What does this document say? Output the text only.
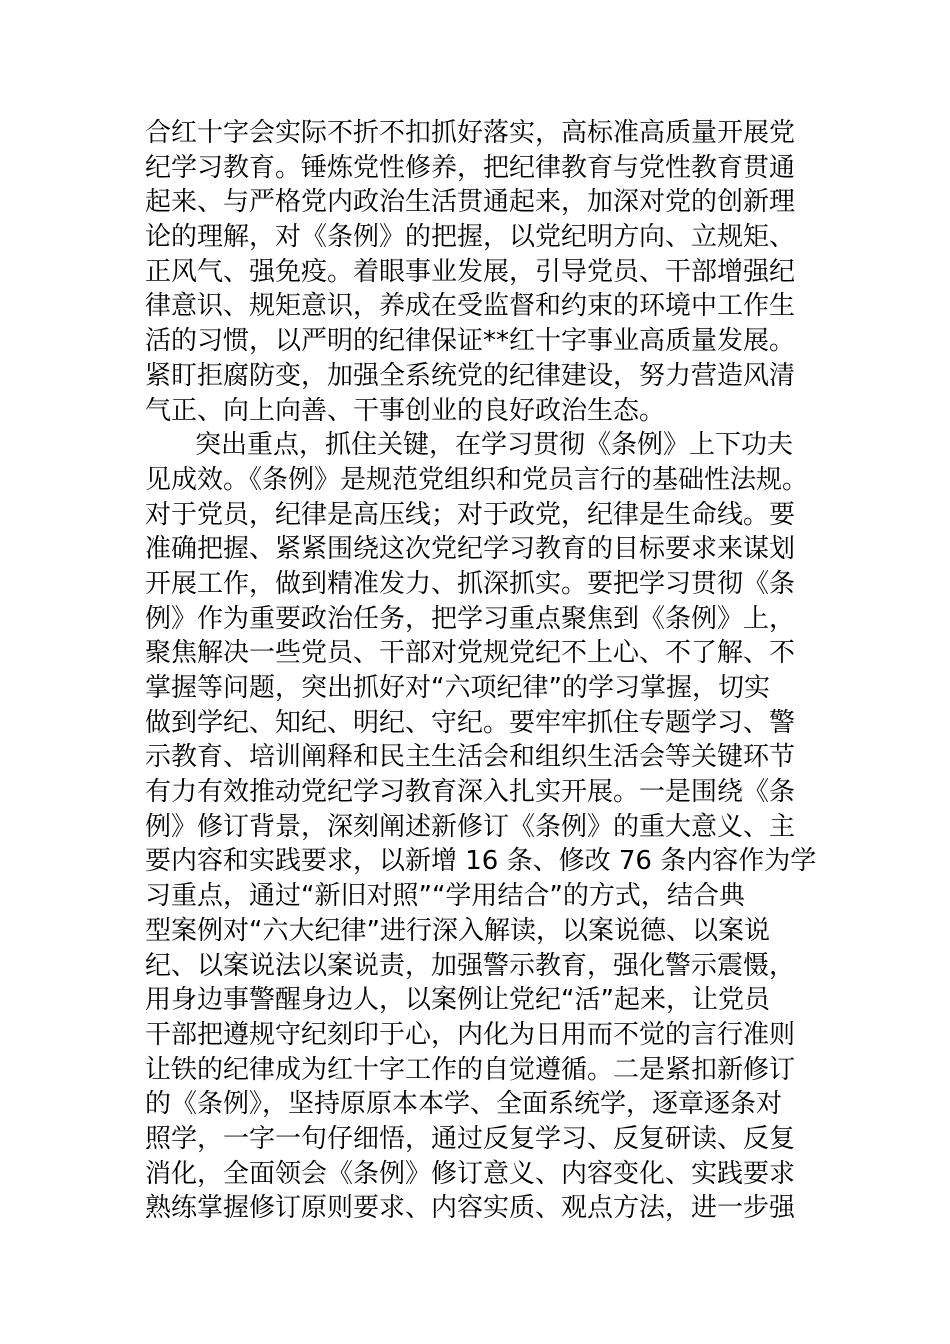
合红十字会实际不折不扣抓好落实，高标准高质量开展党
纪学习教育。锤炼党性修养，把纪律教育与党性教育贯通
起来、与严格党内政治生活贯通起来，加深对党的创新理
论的理解，对《条例》的把握，以党纪明方向、立规矩、
正风气、强免疫。着眼事业发展，引导党员、干部增强纪
律意识、规矩意识，养成在受监督和约束的环境中工作生
活的习惯，以严明的纪律保证**红十字事业高质量发展。
紧盯拒腐防变，加强全系统党的纪律建设，努力营造风清
气正、向上向善、干事创业的良好政治生态。
突出重点，抓住关键，在学习贯彻《条例》上下功夫
见成效。《条例》是规范党组织和党员言行的基础性法规。
对于党员，纪律是高压线；对于政党，纪律是生命线。要
准确把握、紧紧围绕这次党纪学习教育的目标要求来谋划
开展工作，做到精准发力、抓深抓实。要把学习贯彻《条
例》作为重要政治任务，把学习重点聚焦到《条例》上，
聚焦解决一些党员、干部对党规党纪不上心、不了解、不
掌握等问题，突出抓好对“六项纪律”的学习掌握，切实
做到学纪、知纪、明纪、守纪。要牢牢抓住专题学习、警
示教育、培训阐释和民主生活会和组织生活会等关键环节
有力有效推动党纪学习教育深入扎实开展。一是围绕《条
例》修订背景，深刻阐述新修订《条例》的重大意义、主
要内容和实践要求，以新增 16 条、修改 76 条内容作为学
习重点，通过“新旧对照”“学用结合”的方式，结合典
型案例对“六大纪律”进行深入解读，以案说德、以案说
纪、以案说法以案说责，加强警示教育，强化警示震慑，
用身边事警醒身边人，以案例让党纪“活”起来，让党员
干部把遵规守纪刻印于心，内化为日用而不觉的言行准则
让铁的纪律成为红十字工作的自觉遵循。二是紧扣新修订
的《条例》，坚持原原本本学、全面系统学，逐章逐条对
照学，一字一句仔细悟，通过反复学习、反复研读、反复
消化，全面领会《条例》修订意义、内容变化、实践要求
熟练掌握修订原则要求、内容实质、观点方法，进一步强
